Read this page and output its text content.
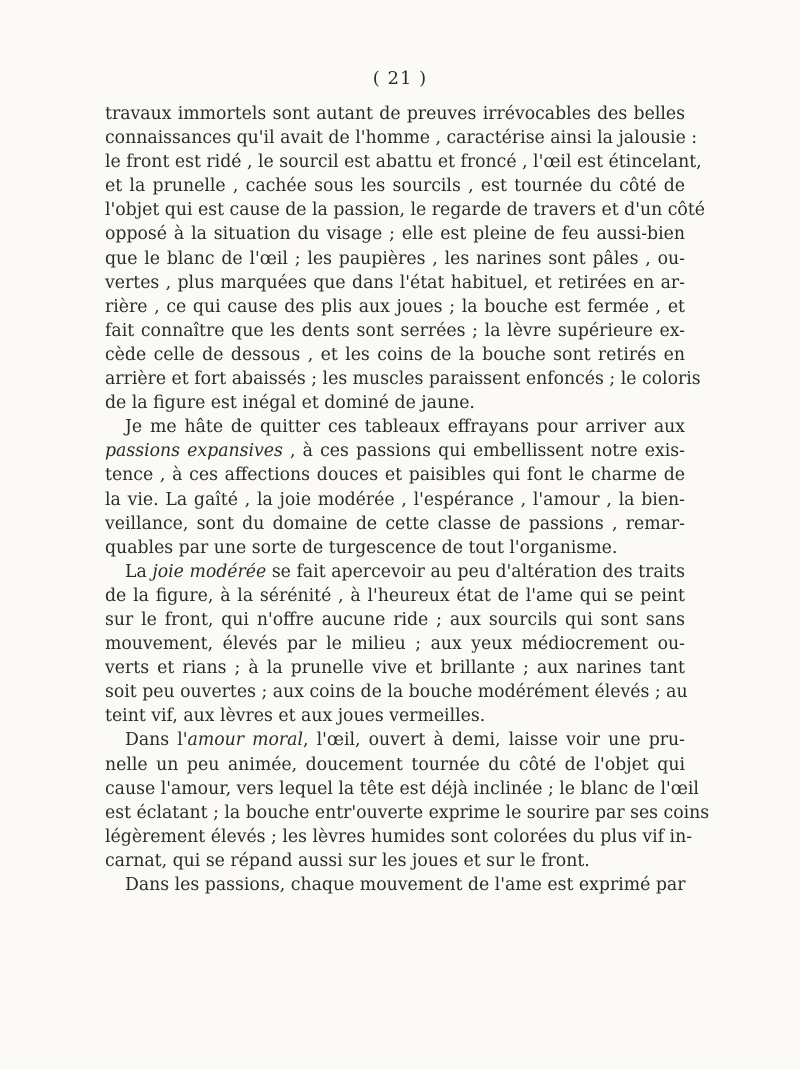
( 21 )
travaux immortels sont autant de preuves irrévocables des belles
connaissances qu'il avait de l'homme , caractérise ainsi la jalousie :
le front est ridé , le sourcil est abattu et froncé , l'œil est étincelant,
et la prunelle , cachée sous les sourcils , est tournée du côté de
l'objet qui est cause de la passion, le regarde de travers et d'un côté
opposé à la situation du visage ; elle est pleine de feu aussi-bien
que le blanc de l'œil ; les paupières , les narines sont pâles , ou-
vertes , plus marquées que dans l'état habituel, et retirées en ar-
rière , ce qui cause des plis aux joues ; la bouche est fermée , et
fait connaître que les dents sont serrées ; la lèvre supérieure ex-
cède celle de dessous , et les coins de la bouche sont retirés en
arrière et fort abaissés ; les muscles paraissent enfoncés ; le coloris
de la figure est inégal et dominé de jaune.
Je me hâte de quitter ces tableaux effrayans pour arriver aux
passions expansives , à ces passions qui embellissent notre exis-
tence , à ces affections douces et paisibles qui font le charme de
la vie. La gaîté , la joie modérée , l'espérance , l'amour , la bien-
veillance, sont du domaine de cette classe de passions , remar-
quables par une sorte de turgescence de tout l'organisme.
La joie modérée se fait apercevoir au peu d'altération des traits
de la figure, à la sérénité , à l'heureux état de l'ame qui se peint
sur le front, qui n'offre aucune ride ; aux sourcils qui sont sans
mouvement, élevés par le milieu ; aux yeux médiocrement ou-
verts et rians ; à la prunelle vive et brillante ; aux narines tant
soit peu ouvertes ; aux coins de la bouche modérément élevés ; au
teint vif, aux lèvres et aux joues vermeilles.
Dans l'amour moral, l'œil, ouvert à demi, laisse voir une pru-
nelle un peu animée, doucement tournée du côté de l'objet qui
cause l'amour, vers lequel la tête est déjà inclinée ; le blanc de l'œil
est éclatant ; la bouche entr'ouverte exprime le sourire par ses coins
légèrement élevés ; les lèvres humides sont colorées du plus vif in-
carnat, qui se répand aussi sur les joues et sur le front.
Dans les passions, chaque mouvement de l'ame est exprimé par
